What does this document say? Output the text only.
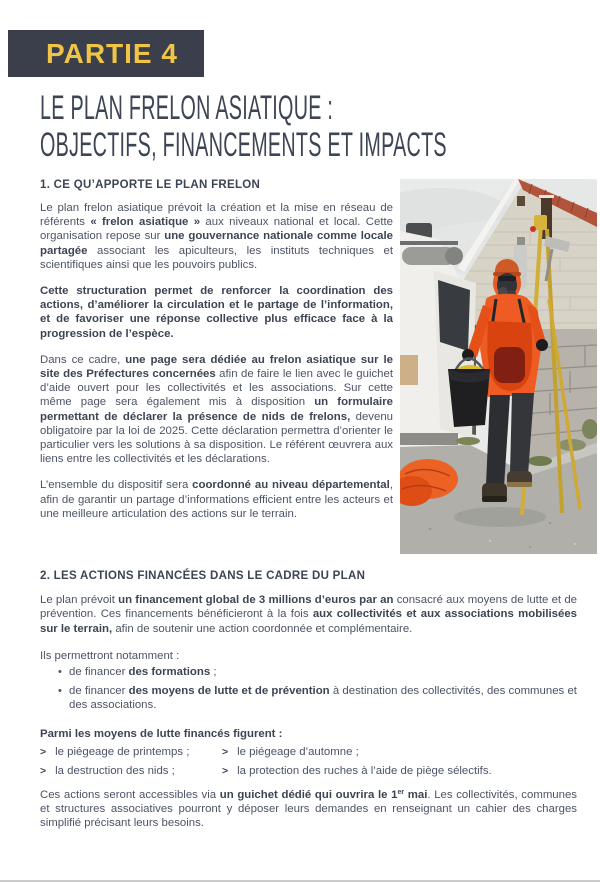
PARTIE 4
LE PLAN FRELON ASIATIQUE :
OBJECTIFS, FINANCEMENTS ET IMPACTS
1. CE QU’APPORTE LE PLAN FRELON

Le plan frelon asiatique prévoit la création et la mise en réseau de référents « frelon asiatique » aux niveaux national et local. Cette organisation repose sur une gouvernance nationale comme locale partagée associant les apiculteurs, les instituts techniques et scientifiques ainsi que les pouvoirs publics.

Cette structuration permet de renforcer la coordination des actions, d’améliorer la circulation et le partage de l’information, et de favoriser une réponse collective plus efficace face à la progression de l’espèce.

Dans ce cadre, une page sera dédiée au frelon asiatique sur le site des Préfectures concernées afin de faire le lien avec le guichet d’aide ouvert pour les collectivités et les associations. Sur cette même page sera également mis à disposition un formulaire permettant de déclarer la présence de nids de frelons, devenu obligatoire par la loi de 2025. Cette déclaration permettra d’orienter le particulier vers les solutions à sa disposition. Le référent œuvrera aux liens entre les collectivités et les déclarations.

L’ensemble du dispositif sera coordonné au niveau départemental, afin de garantir un partage d’informations efficient entre les acteurs et une meilleure articulation des actions sur le terrain.

2. LES ACTIONS FINANCÉES DANS LE CADRE DU PLAN

Le plan prévoit un financement global de 3 millions d’euros par an consacré aux moyens de lutte et de prévention. Ces financements bénéficieront à la fois aux collectivités et aux associations mobilisées sur le terrain, afin de soutenir une action coordonnée et complémentaire.

Ils permettront notamment :
• de financer des formations ;
• de financer des moyens de lutte et de prévention à destination des collectivités, des communes et des associations.
Parmi les moyens de lutte financés figurent :
> le piégeage de printemps ;	> le piégeage d’automne ;
> la destruction des nids ;	> la protection des ruches à l’aide de piège sélectifs.

Ces actions seront accessibles via un guichet dédié qui ouvrira le 1er mai. Les collectivités, communes et structures associatives pourront y déposer leurs demandes en renseignant un cahier des charges simplifié précisant leurs besoins.
